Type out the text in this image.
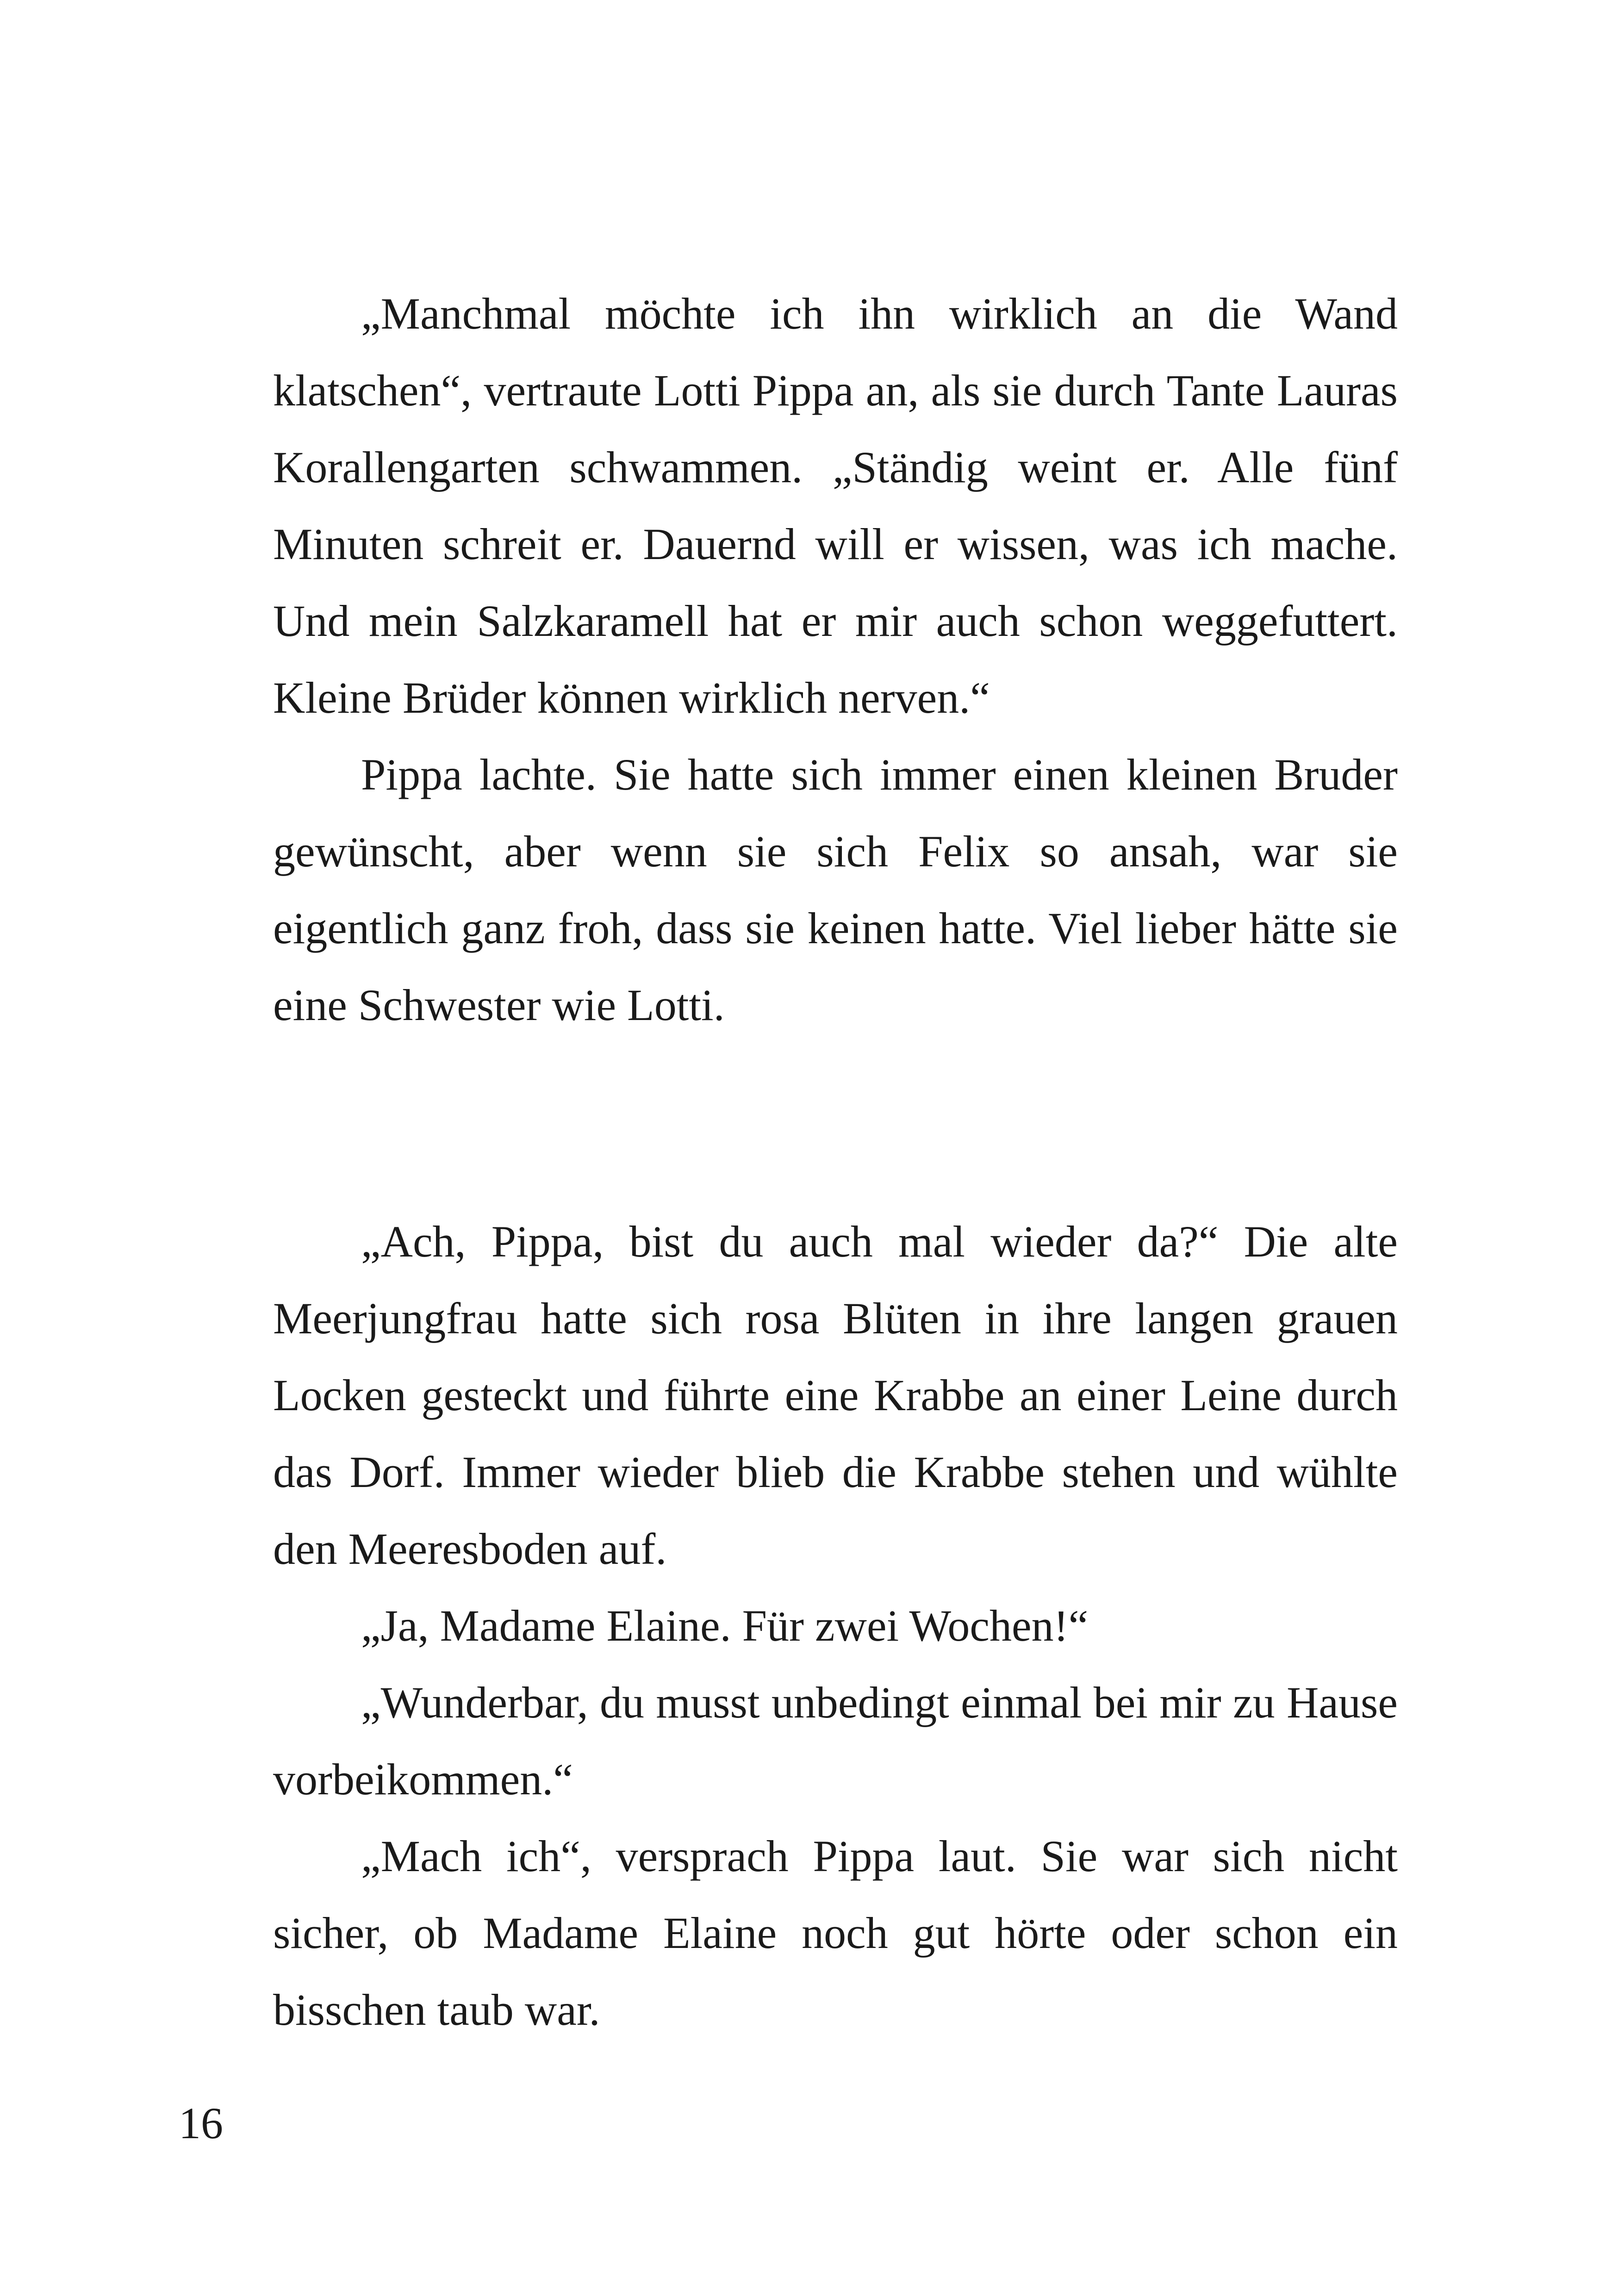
„Manchmal möchte ich ihn wirklich an die Wand klatschen“, vertraute Lotti Pippa an, als sie durch Tante Lauras Korallengarten schwammen. „Ständig weint er. Alle fünf Minuten schreit er. Dauernd will er wissen, was ich mache. Und mein Salzkaramell hat er mir auch schon weggefuttert. Kleine Brüder können wirklich nerven.“

Pippa lachte. Sie hatte sich immer einen kleinen Bruder gewünscht, aber wenn sie sich Felix so ansah, war sie eigentlich ganz froh, dass sie keinen hatte. Viel lieber hätte sie eine Schwester wie Lotti.

„Ach, Pippa, bist du auch mal wieder da?“ Die alte Meerjungfrau hatte sich rosa Blüten in ihre langen grauen Locken gesteckt und führte eine Krabbe an einer Leine durch das Dorf. Immer wieder blieb die Krabbe stehen und wühlte den Meeresboden auf.

„Ja, Madame Elaine. Für zwei Wochen!“

„Wunderbar, du musst unbedingt einmal bei mir zu Hause vorbeikommen.“

„Mach ich“, versprach Pippa laut. Sie war sich nicht sicher, ob Madame Elaine noch gut hörte oder schon ein bisschen taub war.

16
